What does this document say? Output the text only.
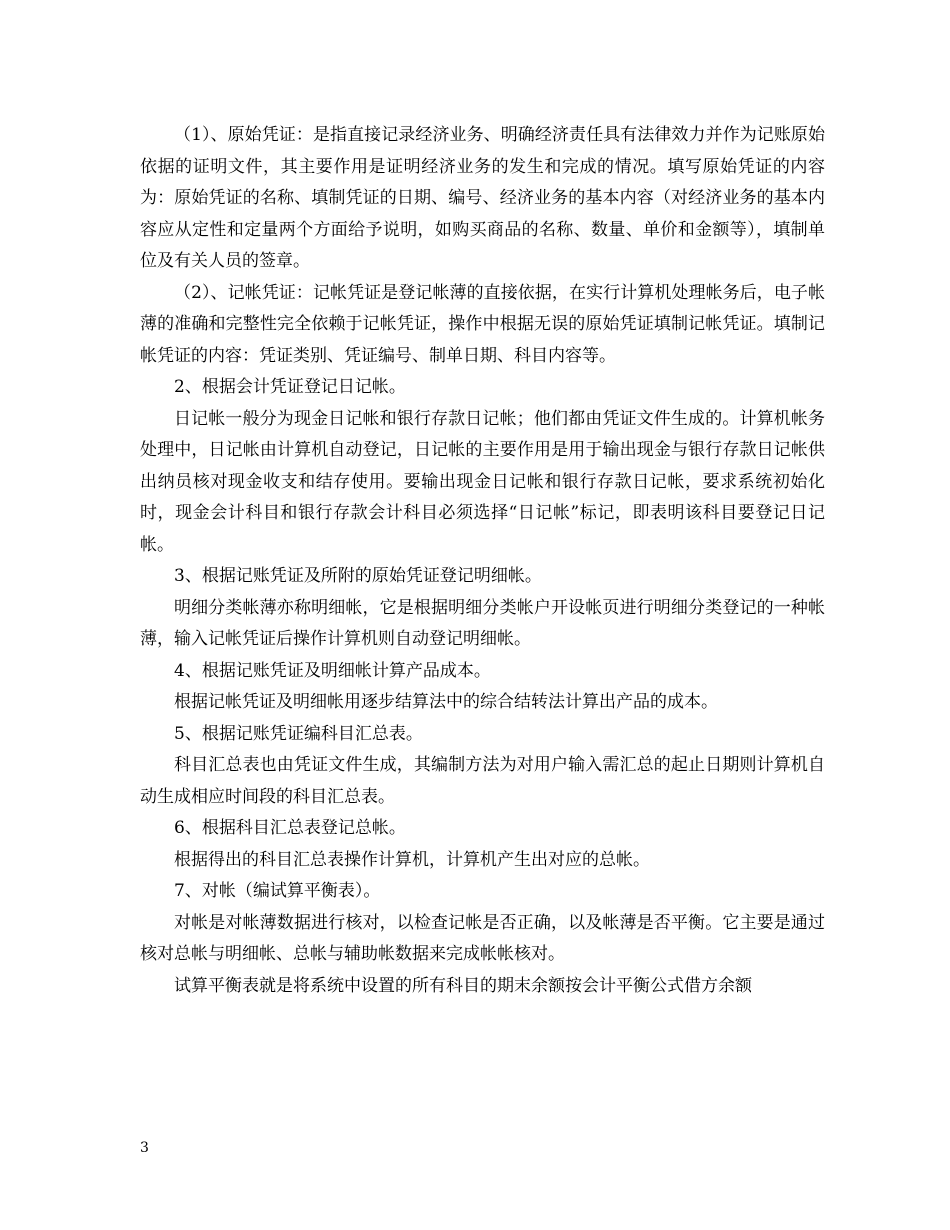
（1）、原始凭证：是指直接记录经济业务、明确经济责任具有法律效力并作为记账原始依据的证明文件，其主要作用是证明经济业务的发生和完成的情况。填写原始凭证的内容为：原始凭证的名称、填制凭证的日期、编号、经济业务的基本内容（对经济业务的基本内容应从定性和定量两个方面给予说明，如购买商品的名称、数量、单价和金额等），填制单位及有关人员的签章。

（2）、记帐凭证：记帐凭证是登记帐薄的直接依据，在实行计算机处理帐务后，电子帐薄的准确和完整性完全依赖于记帐凭证，操作中根据无误的原始凭证填制记帐凭证。填制记帐凭证的内容：凭证类别、凭证编号、制单日期、科目内容等。

2、根据会计凭证登记日记帐。

日记帐一般分为现金日记帐和银行存款日记帐；他们都由凭证文件生成的。计算机帐务处理中，日记帐由计算机自动登记，日记帐的主要作用是用于输出现金与银行存款日记帐供出纳员核对现金收支和结存使用。要输出现金日记帐和银行存款日记帐，要求系统初始化时，现金会计科目和银行存款会计科目必须选择“日记帐”标记，即表明该科目要登记日记帐。

3、根据记账凭证及所附的原始凭证登记明细帐。

明细分类帐薄亦称明细帐，它是根据明细分类帐户开设帐页进行明细分类登记的一种帐薄，输入记帐凭证后操作计算机则自动登记明细帐。

4、根据记账凭证及明细帐计算产品成本。

根据记帐凭证及明细帐用逐步结算法中的综合结转法计算出产品的成本。

5、根据记账凭证编科目汇总表。

科目汇总表也由凭证文件生成，其编制方法为对用户输入需汇总的起止日期则计算机自动生成相应时间段的科目汇总表。

6、根据科目汇总表登记总帐。

根据得出的科目汇总表操作计算机，计算机产生出对应的总帐。

7、对帐（编试算平衡表）。

对帐是对帐薄数据进行核对，以检查记帐是否正确，以及帐薄是否平衡。它主要是通过核对总帐与明细帐、总帐与辅助帐数据来完成帐帐核对。

试算平衡表就是将系统中设置的所有科目的期末余额按会计平衡公式借方余额

3
